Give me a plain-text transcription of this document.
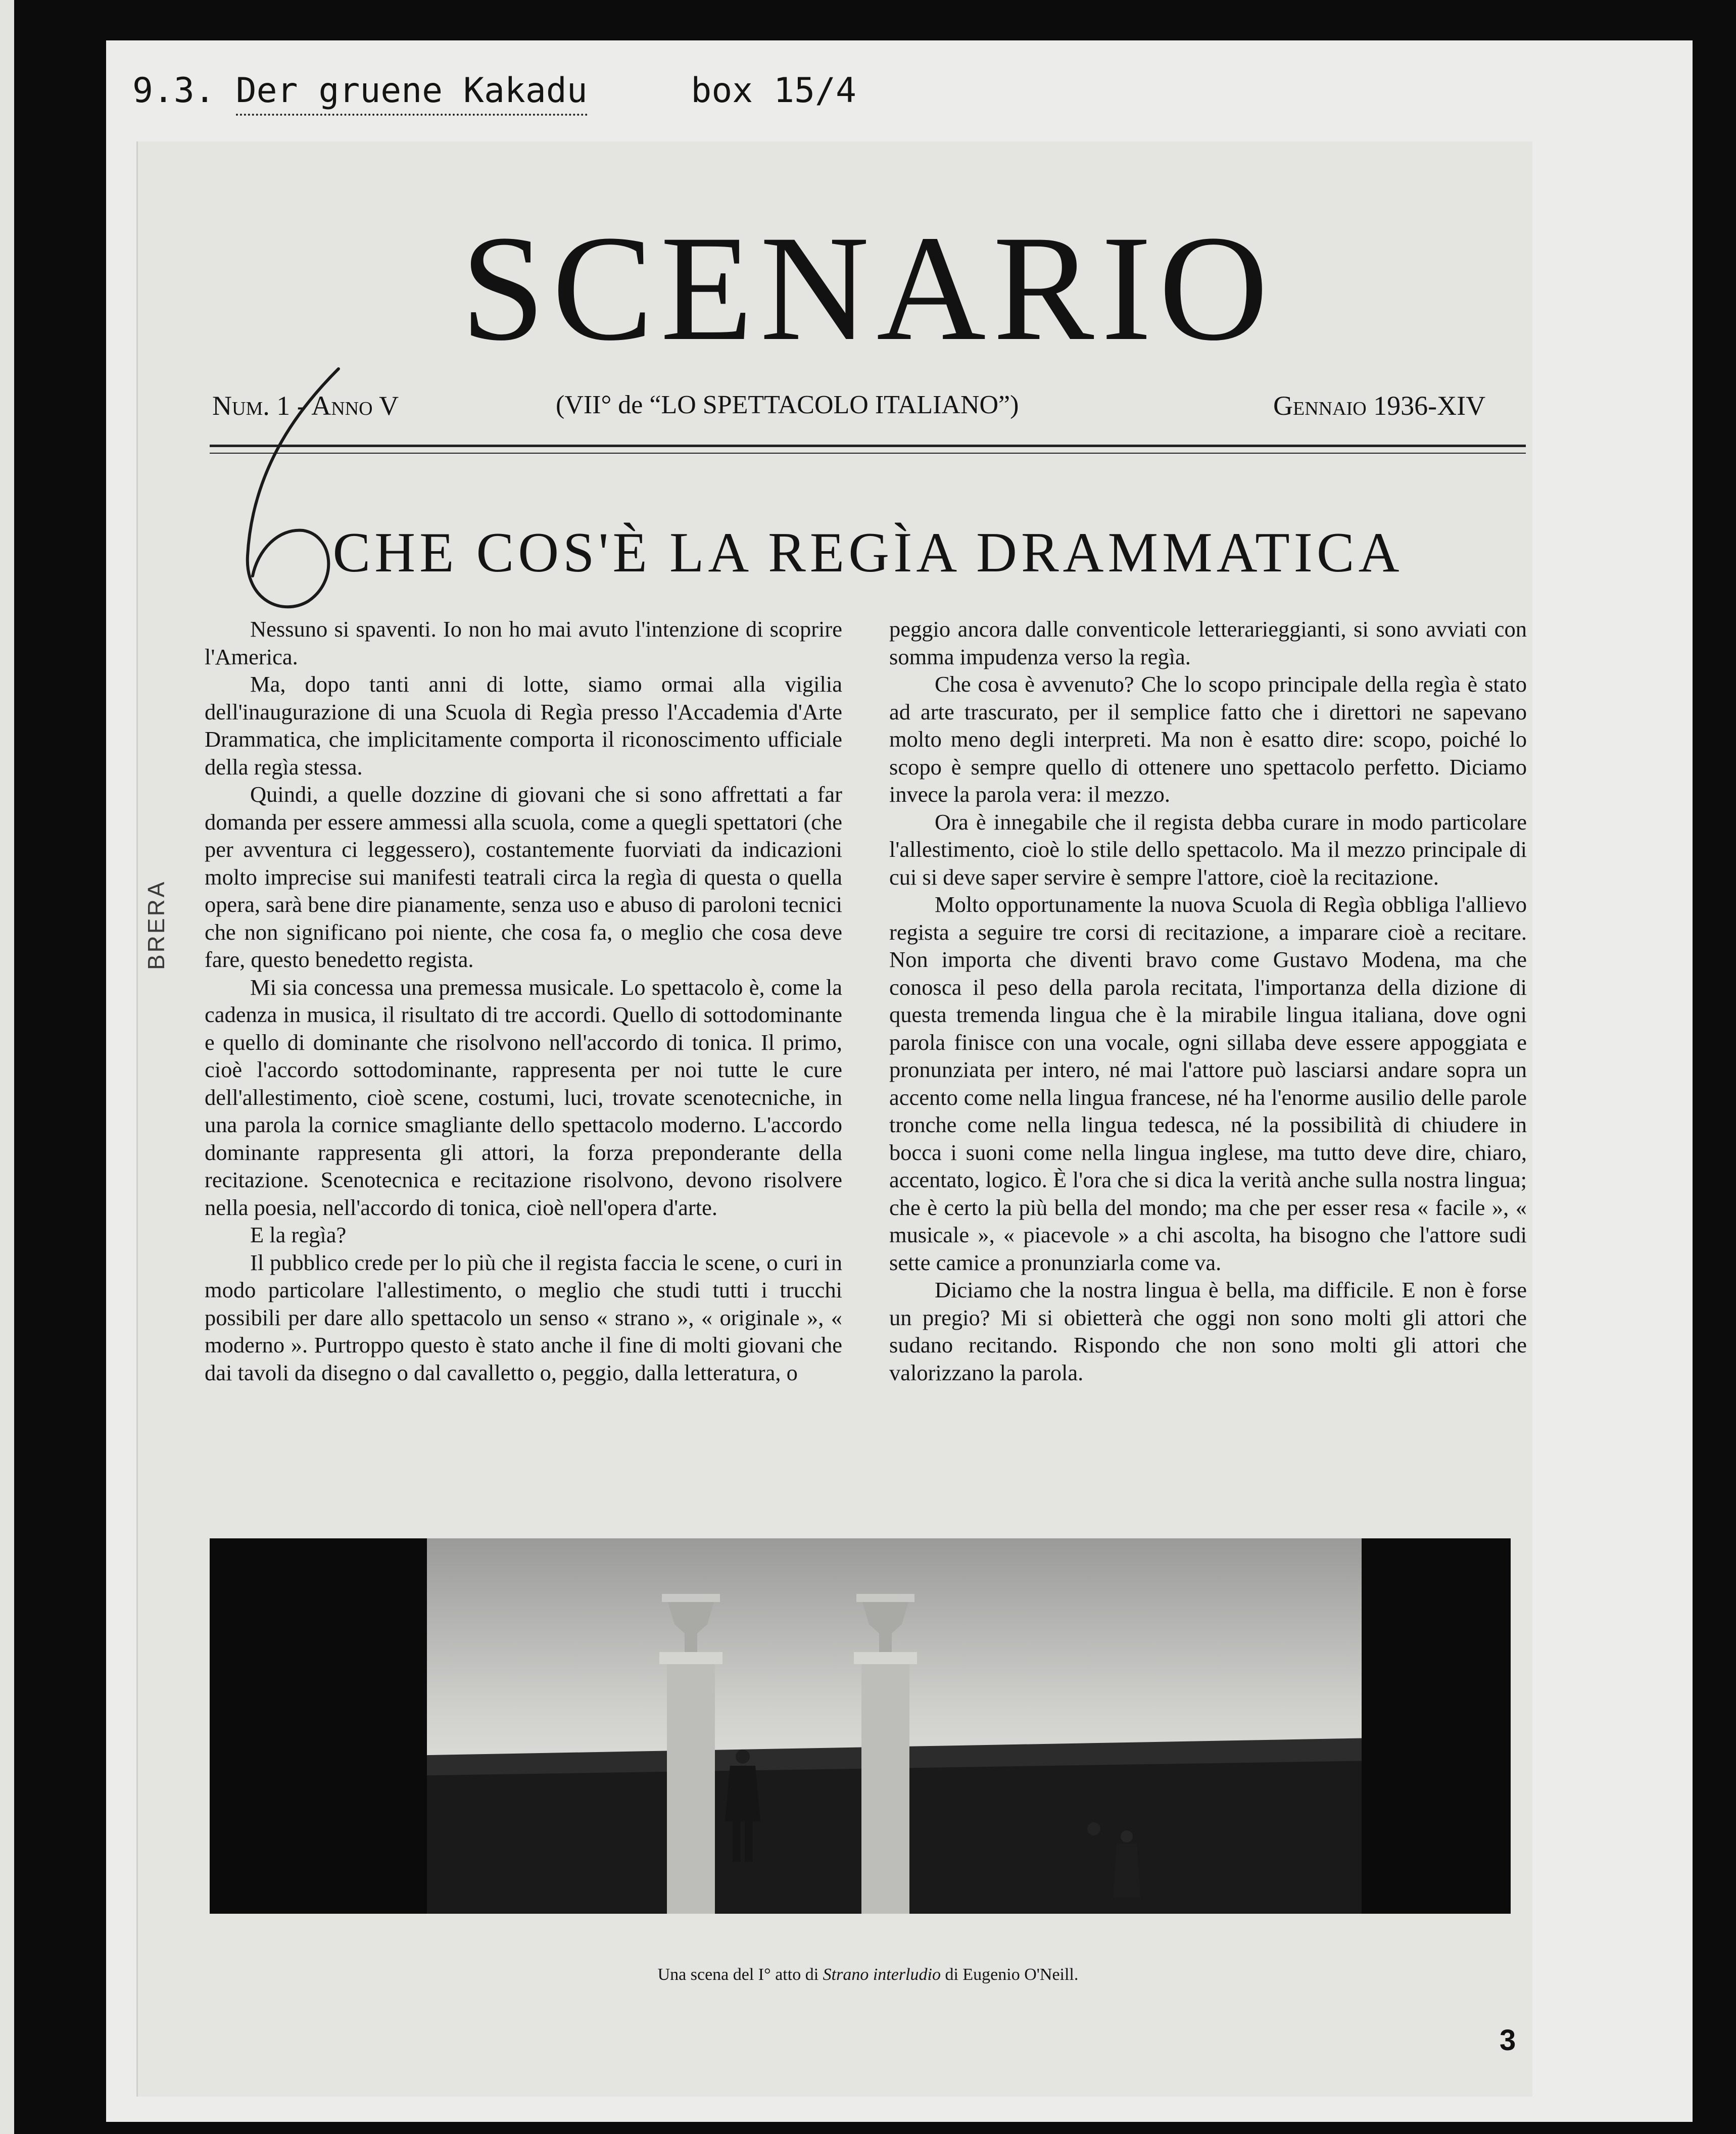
9.3. Der gruene Kakadu	box 15/4
SCENARIO
Num. 1 - Anno V	(VII° de “LO SPETTACOLO ITALIANO”)	Gennaio 1936-XIV
CHE COS'È LA REGÌA DRAMMATICA

Nessuno si spaventi. Io non ho mai avuto l'intenzione di scoprire l'America.

Ma, dopo tanti anni di lotte, siamo ormai alla vigilia dell'inaugurazione di una Scuola di Regìa presso l'Accademia d'Arte Drammatica, che implicitamente comporta il riconoscimento ufficiale della regìa stessa.

Quindi, a quelle dozzine di giovani che si sono affrettati a far domanda per essere ammessi alla scuola, come a quegli spettatori (che per avventura ci leggessero), costantemente fuorviati da indicazioni molto imprecise sui manifesti teatrali circa la regìa di questa o quella opera, sarà bene dire pianamente, senza uso e abuso di paroloni tecnici che non significano poi niente, che cosa fa, o meglio che cosa deve fare, questo benedetto regista.

Mi sia concessa una premessa musicale. Lo spettacolo è, come la cadenza in musica, il risultato di tre accordi. Quello di sottodominante e quello di dominante che risolvono nell'accordo di tonica. Il primo, cioè l'accordo sottodominante, rappresenta per noi tutte le cure dell'allestimento, cioè scene, costumi, luci, trovate scenotecniche, in una parola la cornice smagliante dello spettacolo moderno. L'accordo dominante rappresenta gli attori, la forza preponderante della recitazione. Scenotecnica e recitazione risolvono, devono risolvere nella poesia, nell'accordo di tonica, cioè nell'opera d'arte.

E la regìa?

Il pubblico crede per lo più che il regista faccia le scene, o curi in modo particolare l'allestimento, o meglio che studi tutti i trucchi possibili per dare allo spettacolo un senso « strano », « originale », « moderno ». Purtroppo questo è stato anche il fine di molti giovani che dai tavoli da disegno o dal cavalletto o, peggio, dalla letteratura, o

peggio ancora dalle conventicole letterarieggianti, si sono avviati con somma impudenza verso la regìa.

Che cosa è avvenuto? Che lo scopo principale della regìa è stato ad arte trascurato, per il semplice fatto che i direttori ne sapevano molto meno degli interpreti. Ma non è esatto dire: scopo, poiché lo scopo è sempre quello di ottenere uno spettacolo perfetto. Diciamo invece la parola vera: il mezzo.

Ora è innegabile che il regista debba curare in modo particolare l'allestimento, cioè lo stile dello spettacolo. Ma il mezzo principale di cui si deve saper servire è sempre l'attore, cioè la recitazione.

Molto opportunamente la nuova Scuola di Regìa obbliga l'allievo regista a seguire tre corsi di recitazione, a imparare cioè a recitare. Non importa che diventi bravo come Gustavo Modena, ma che conosca il peso della parola recitata, l'importanza della dizione di questa tremenda lingua che è la mirabile lingua italiana, dove ogni parola finisce con una vocale, ogni sillaba deve essere appoggiata e pronunziata per intero, né mai l'attore può lasciarsi andare sopra un accento come nella lingua francese, né ha l'enorme ausilio delle parole tronche come nella lingua tedesca, né la possibilità di chiudere in bocca i suoni come nella lingua inglese, ma tutto deve dire, chiaro, accentato, logico. È l'ora che si dica la verità anche sulla nostra lingua; che è certo la più bella del mondo; ma che per esser resa « facile », « musicale », « piacevole » a chi ascolta, ha bisogno che l'attore sudi sette camice a pronunziarla come va.

Diciamo che la nostra lingua è bella, ma difficile. E non è forse un pregio? Mi si obietterà che oggi non sono molti gli attori che sudano recitando. Rispondo che non sono molti gli attori che valorizzano la parola.

Una scena del I° atto di Strano interludio di Eugenio O'Neill.
3
BRERA
